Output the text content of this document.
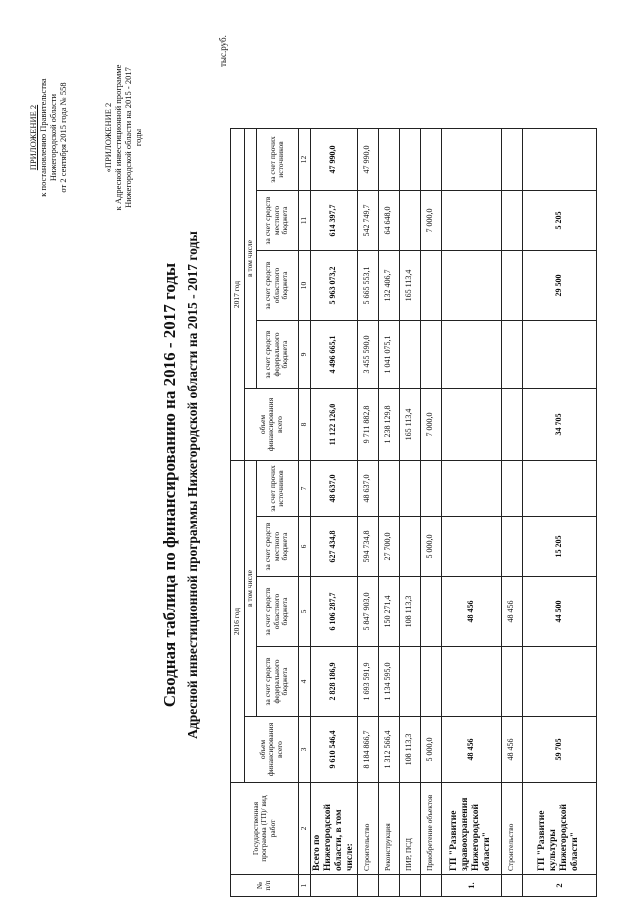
ПРИЛОЖЕНИЕ 2 к постановлению Правительства Нижегородской области от 2 сентября 2015 года № 558	«ПРИЛОЖЕНИЕ 2 к Адресной инвестиционной программе Нижегородской области на 2015 - 2017 годы
Сводная таблица по финансированию на 2016 - 2017 годы Адресной инвестиционной программы Нижегородской области на 2015 - 2017 годы
тыс.руб.
№ п/п	Государственная программа (ГП)/ вид работ	2016 год					2017 год				
		объем финансирования всего	в том числе				объем финансирования всего	в том числе			
			за счет средств федерального бюджета	за счет средств областного бюджета	за счет средств местного бюджета	за счет прочих источников		за счет средств федерального бюджета	за счет средств областного бюджета	за счет средств местного бюджета	за счет прочих источников
1	2	3	4	5	6	7	8	9	10	11	12
	Всего по Нижегородской области, в том числе:	9 610 546,4	2 828 186,9	6 106 287,7	627 434,8	48 637,0	11 122 126,0	4 496 665,1	5 963 073,2	614 397,7	47 990,0
	Строительство	8 184 866,7	1 693 591,9	5 847 903,0	594 734,8	48 637,0	9 711 882,8	3 455 590,0	5 665 553,1	542 749,7	47 990,0
	Реконструкция	1 312 566,4	1 134 595,0	150 271,4	27 700,0		1 238 129,8	1 041 075,1	132 406,7	64 648,0	
	ПИР, ПСД	108 113,3		108 113,3			165 113,4		165 113,4		
	Приобретение объектов	5 000,0			5 000,0		7 000,0			7 000,0	
1.	ГП "Развитие здравоохранения Нижегородской области"	48 456		48 456							
	Строительство	48 456		48 456							
2	ГП "Развитие культуры Нижегородской области"	59 705		44 500	15 205		34 705		29 500	5 205	
